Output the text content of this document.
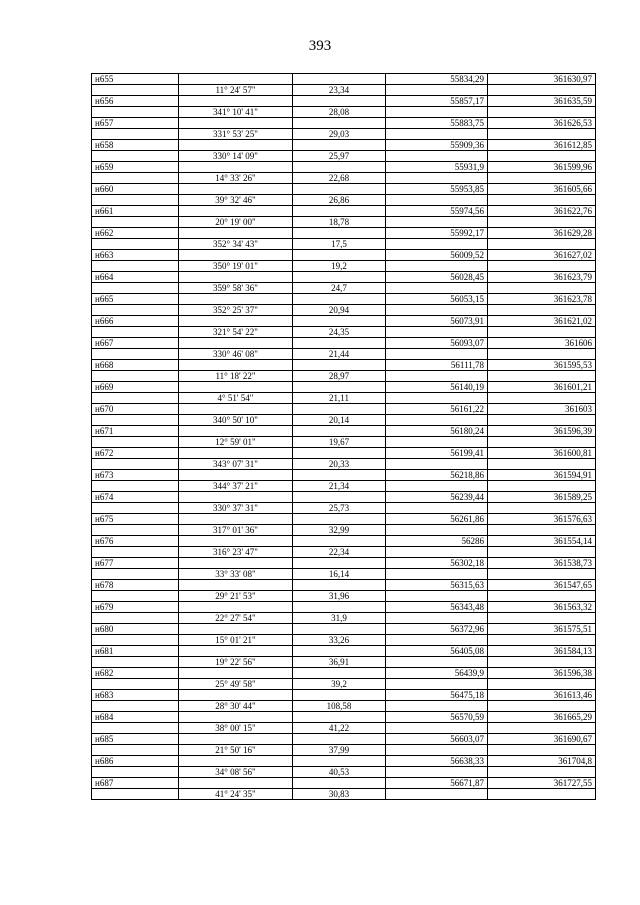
393
н655			55834,29	361630,97
	11° 24' 57"	23,34		
н656			55857,17	361635,59
	341° 10' 41"	28,08		
н657			55883,75	361626,53
	331° 53' 25"	29,03		
н658			55909,36	361612,85
	330° 14' 09"	25,97		
н659			55931,9	361599,96
	14° 33' 26"	22,68		
н660			55953,85	361605,66
	39° 32' 46"	26,86		
н661			55974,56	361622,76
	20° 19' 00"	18,78		
н662			55992,17	361629,28
	352° 34' 43"	17,5		
н663			56009,52	361627,02
	350° 19' 01"	19,2		
н664			56028,45	361623,79
	359° 58' 36"	24,7		
н665			56053,15	361623,78
	352° 25' 37"	20,94		
н666			56073,91	361621,02
	321° 54' 22"	24,35		
н667			56093,07	361606
	330° 46' 08"	21,44		
н668			56111,78	361595,53
	11° 18' 22"	28,97		
н669			56140,19	361601,21
	4° 51' 54"	21,11		
н670			56161,22	361603
	340° 50' 10"	20,14		
н671			56180,24	361596,39
	12° 59' 01"	19,67		
н672			56199,41	361600,81
	343° 07' 31"	20,33		
н673			56218,86	361594,91
	344° 37' 21"	21,34		
н674			56239,44	361589,25
	330° 37' 31"	25,73		
н675			56261,86	361576,63
	317° 01' 36"	32,99		
н676			56286	361554,14
	316° 23' 47"	22,34		
н677			56302,18	361538,73
	33° 33' 08"	16,14		
н678			56315,63	361547,65
	29° 21' 53"	31,96		
н679			56343,48	361563,32
	22° 27' 54"	31,9		
н680			56372,96	361575,51
	15° 01' 21"	33,26		
н681			56405,08	361584,13
	19° 22' 56"	36,91		
н682			56439,9	361596,38
	25° 49' 58"	39,2		
н683			56475,18	361613,46
	28° 30' 44"	108,58		
н684			56570,59	361665,29
	38° 00' 15"	41,22		
н685			56603,07	361690,67
	21° 50' 16"	37,99		
н686			56638,33	361704,8
	34° 08' 56"	40,53		
н687			56671,87	361727,55
	41° 24' 35"	30,83		
